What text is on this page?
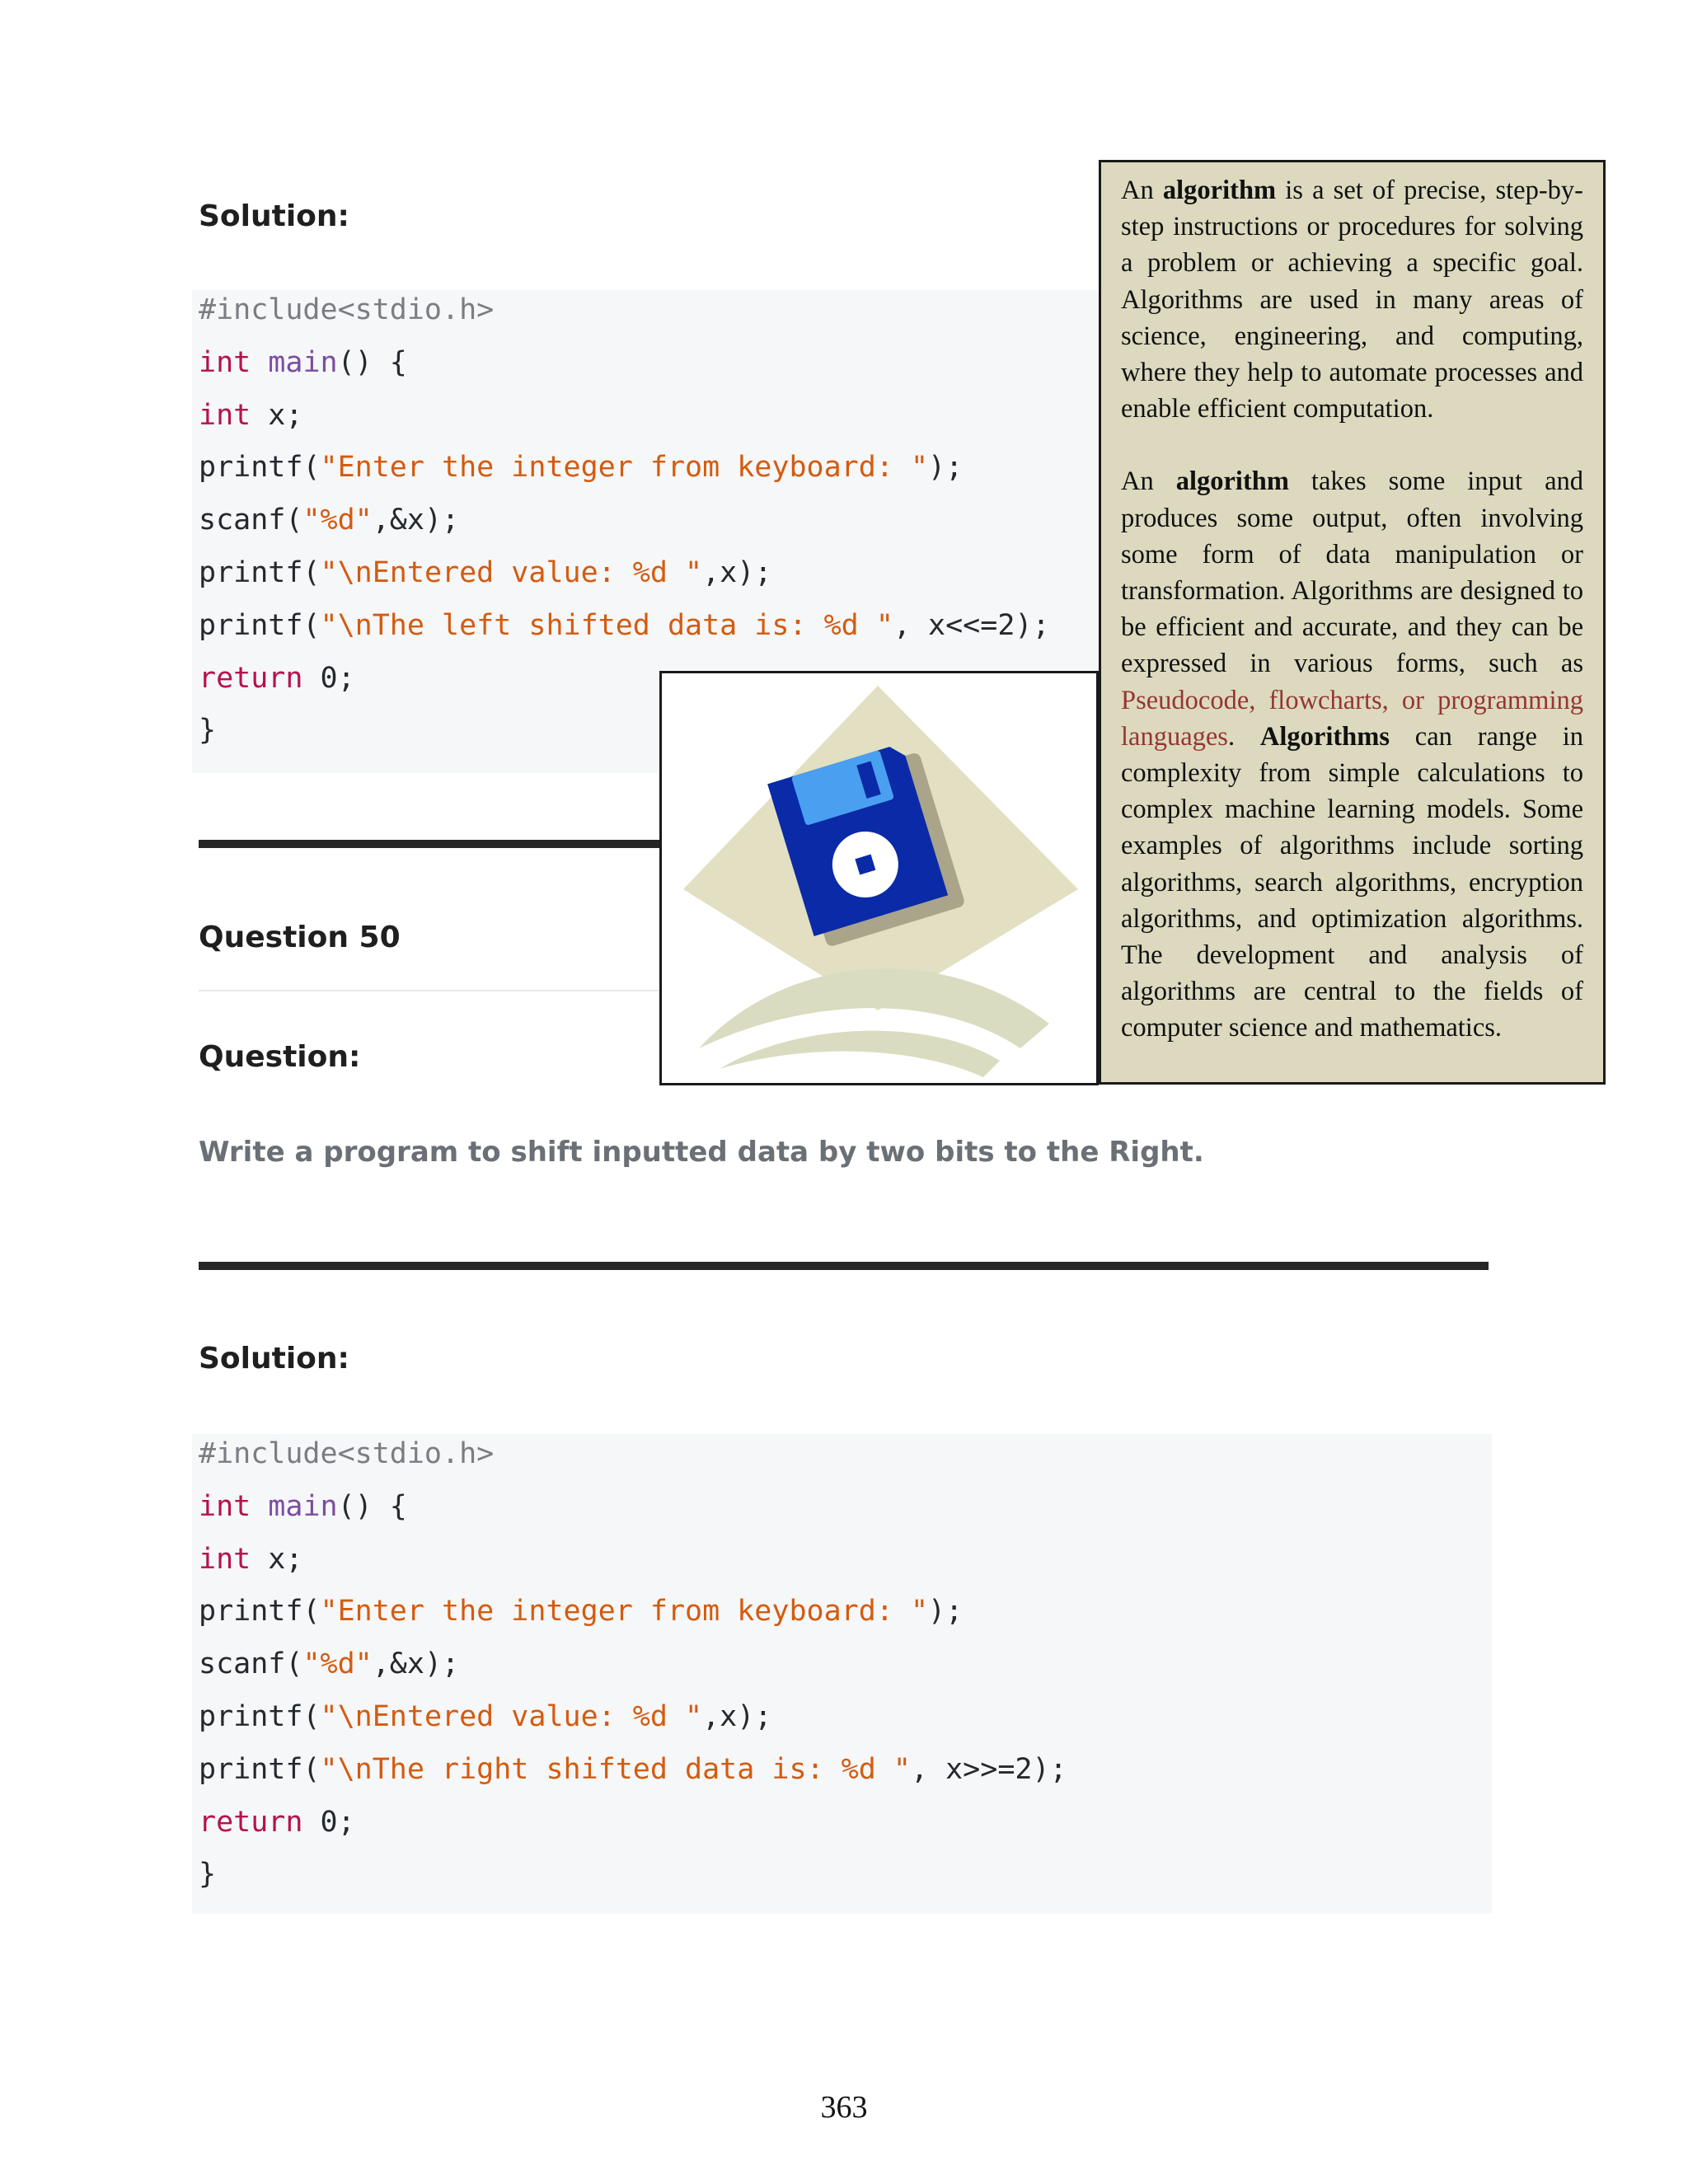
Solution:
#include<stdio.h>
int main() {
int x;
printf("Enter the integer from keyboard: ");
scanf("%d",&x);
printf("\nEntered value: %d ",x);
printf("\nThe left shifted data is: %d ", x<<=2);
return 0;
}
Question 50
Question:

Write a program to shift inputted data by two bits to the Right.

Solution:
#include<stdio.h>
int main() {
int x;
printf("Enter the integer from keyboard: ");
scanf("%d",&x);
printf("\nEntered value: %d ",x);
printf("\nThe right shifted data is: %d ", x>>=2);
return 0;
}

An algorithm is a set of precise, step-by-step instructions or procedures for solving a problem or achieving a specific goal. Algorithms are used in many areas of science, engineering, and computing, where they help to automate processes and enable efficient computation.

An algorithm takes some input and produces some output, often involving some form of data manipulation or transformation. Algorithms are designed to be efficient and accurate, and they can be expressed in various forms, such as Pseudocode, flowcharts, or programming languages. Algorithms can range in complexity from simple calculations to complex machine learning models. Some examples of algorithms include sorting algorithms, search algorithms, encryption algorithms, and optimization algorithms. The development and analysis of algorithms are central to the fields of computer science and mathematics.

363
